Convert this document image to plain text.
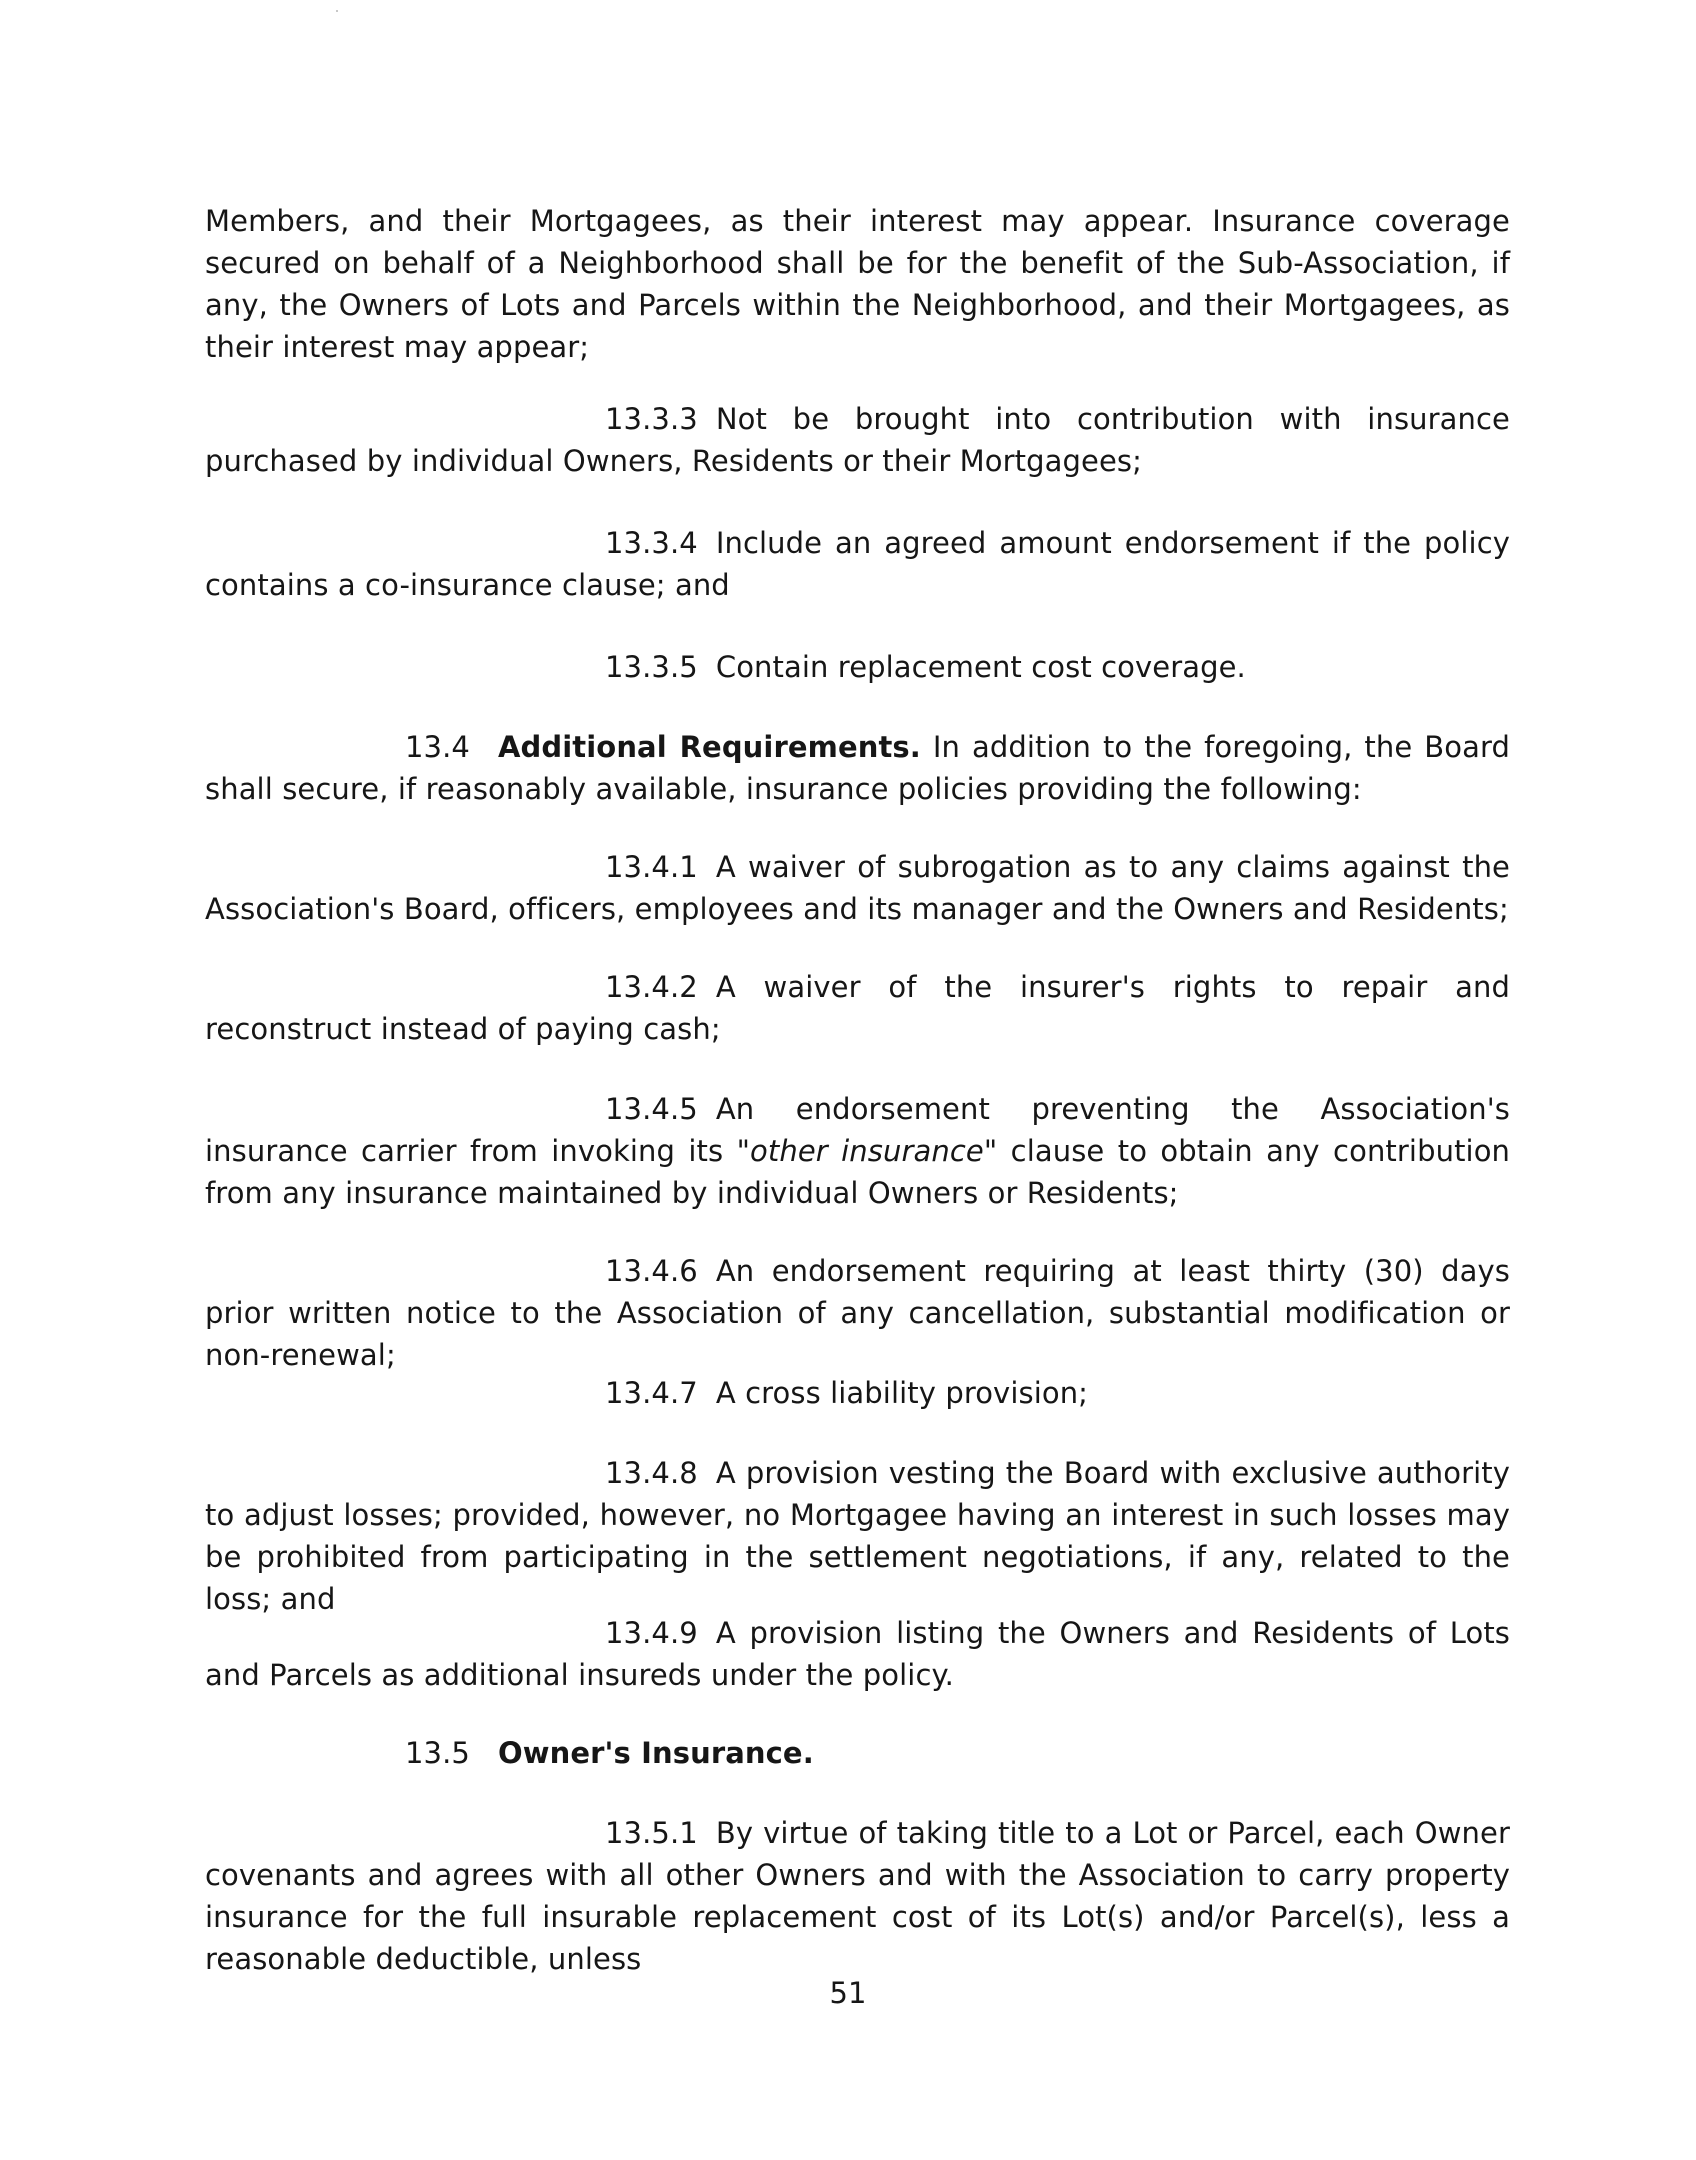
Members, and their Mortgagees, as their interest may appear. Insurance coverage secured on behalf of a Neighborhood shall be for the benefit of the Sub-Association, if any, the Owners of Lots and Parcels within the Neighborhood, and their Mortgagees, as their interest may appear;

13.3.3 Not be brought into contribution with insurance purchased by individual Owners, Residents or their Mortgagees;

13.3.4 Include an agreed amount endorsement if the policy contains a co-insurance clause; and

13.3.5 Contain replacement cost coverage.

13.4 Additional Requirements. In addition to the foregoing, the Board shall secure, if reasonably available, insurance policies providing the following:

13.4.1 A waiver of subrogation as to any claims against the Association's Board, officers, employees and its manager and the Owners and Residents;

13.4.2 A waiver of the insurer's rights to repair and reconstruct instead of paying cash;

13.4.5 An endorsement preventing the Association's insurance carrier from invoking its "other insurance" clause to obtain any contribution from any insurance maintained by individual Owners or Residents;

13.4.6 An endorsement requiring at least thirty (30) days prior written notice to the Association of any cancellation, substantial modification or non-renewal;

13.4.7 A cross liability provision;

13.4.8 A provision vesting the Board with exclusive authority to adjust losses; provided, however, no Mortgagee having an interest in such losses may be prohibited from participating in the settlement negotiations, if any, related to the loss; and

13.4.9 A provision listing the Owners and Residents of Lots and Parcels as additional insureds under the policy.

13.5 Owner's Insurance.

13.5.1 By virtue of taking title to a Lot or Parcel, each Owner covenants and agrees with all other Owners and with the Association to carry property insurance for the full insurable replacement cost of its Lot(s) and/or Parcel(s), less a reasonable deductible, unless

51
